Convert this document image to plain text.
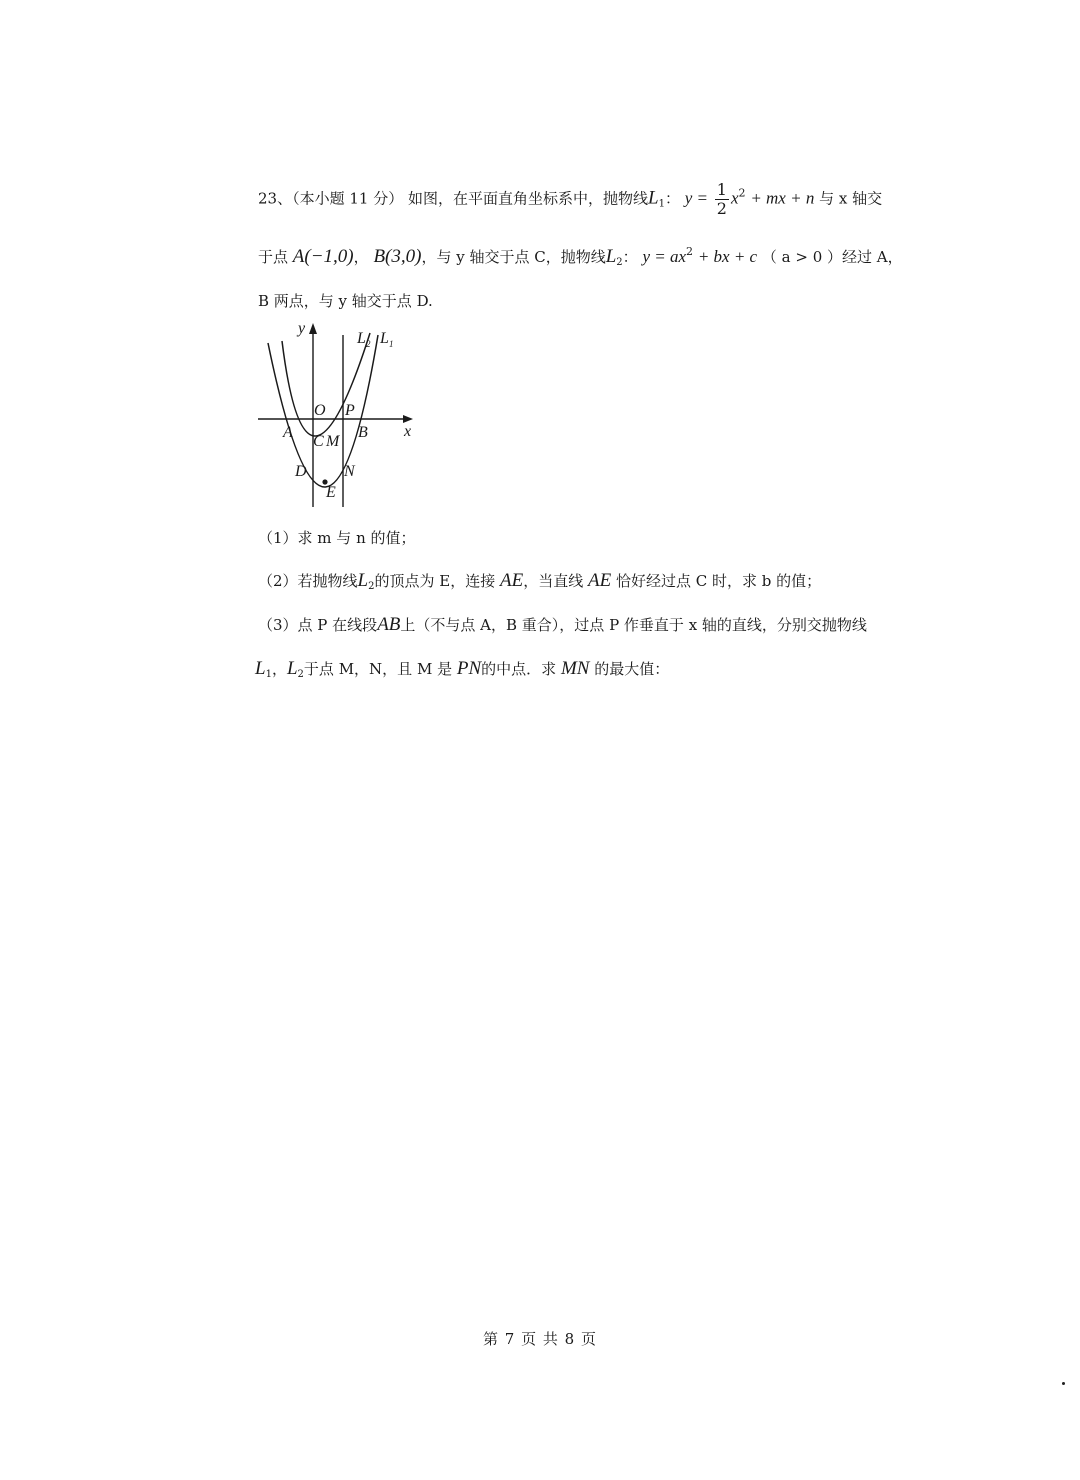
23、（本小题 11 分） 如图，在平面直角坐标系中，抛物线$L_1$： $y = \frac{1}{2} x^2$ + mx + n 与 x 轴交
于点 A(−1,0)， B(3,0)，与 y 轴交于点 C，抛物线$L_2$： $y = ax^2$ + bx + c （ a > 0 ）经过 A，
B 两点，与 y 轴交于点 D.
y
x
O P
A	B
C M
D N
E
L 2 L 1
（1）求 m 与 n 的值；
（2）若抛物线$L_2$的顶点为 E，连接 AE，当直线 AE 恰好经过点 C 时，求 b 的值；
（3）点 P 在线段AB上（不与点 A，B 重合），过点 P 作垂直于 x 轴的直线，分别交抛物线
$L_1$，$L_2$于点 M，N，且 M 是 PN的中点．求 MN 的最大值：
第 7 页 共 8 页
